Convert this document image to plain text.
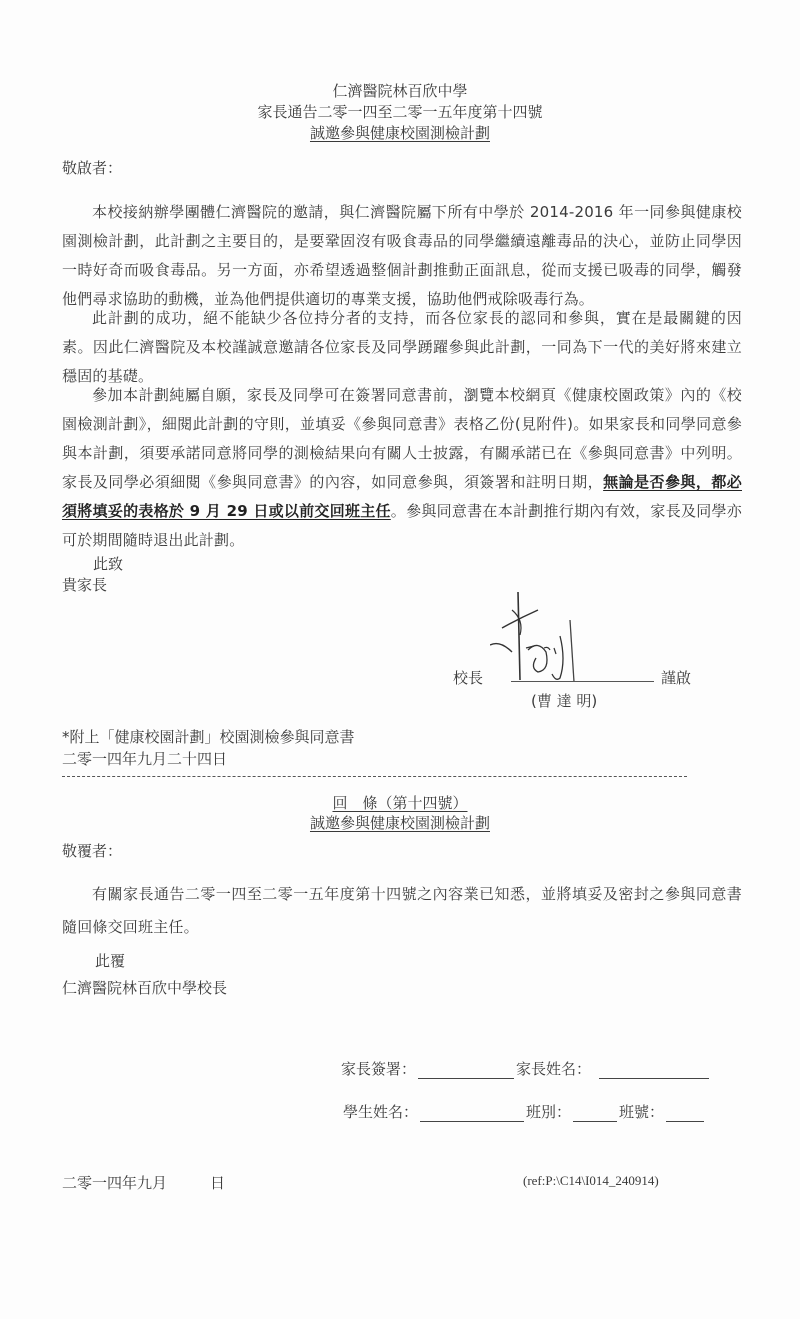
仁濟醫院林百欣中學
家長通告二零一四至二零一五年度第十四號
誠邀參與健康校園測檢計劃
敬啟者：
本校接納辦學團體仁濟醫院的邀請，與仁濟醫院屬下所有中學於 2014-2016 年一同參與健康校園測檢計劃，此計劃之主要目的，是要鞏固沒有吸食毒品的同學繼續遠離毒品的決心，並防止同學因一時好奇而吸食毒品。另一方面，亦希望透過整個計劃推動正面訊息，從而支援已吸毒的同學，觸發他們尋求協助的動機，並為他們提供適切的專業支援，協助他們戒除吸毒行為。
此計劃的成功，絕不能缺少各位持分者的支持，而各位家長的認同和參與，實在是最關鍵的因素。因此仁濟醫院及本校謹誠意邀請各位家長及同學踴躍參與此計劃，一同為下一代的美好將來建立穩固的基礎。
參加本計劃純屬自願，家長及同學可在簽署同意書前，瀏覽本校網頁《健康校園政策》內的《校園檢測計劃》，細閱此計劃的守則，並填妥《參與同意書》表格乙份(見附件)。如果家長和同學同意參與本計劃，須要承諾同意將同學的測檢結果向有關人士披露，有關承諾已在《參與同意書》中列明。家長及同學必須細閱《參與同意書》的內容，如同意參與，須簽署和註明日期，無論是否參與，都必須將填妥的表格於 9 月 29 日或以前交回班主任。參與同意書在本計劃推行期內有效，家長及同學亦可於期間隨時退出此計劃。
此致
貴家長
校長	謹啟
(曹 達 明)
*附上「健康校園計劃」校園測檢參與同意書
二零一四年九月二十四日
回　條（第十四號）
誠邀參與健康校園測檢計劃
敬覆者：
有關家長通告二零一四至二零一五年度第十四號之內容業已知悉，並將填妥及密封之參與同意書隨回條交回班主任。
此覆
仁濟醫院林百欣中學校長
家長簽署：	家長姓名：
學生姓名：	班別：	班號：
二零一四年九月	日	(ref:P:\C14\I014_240914)
